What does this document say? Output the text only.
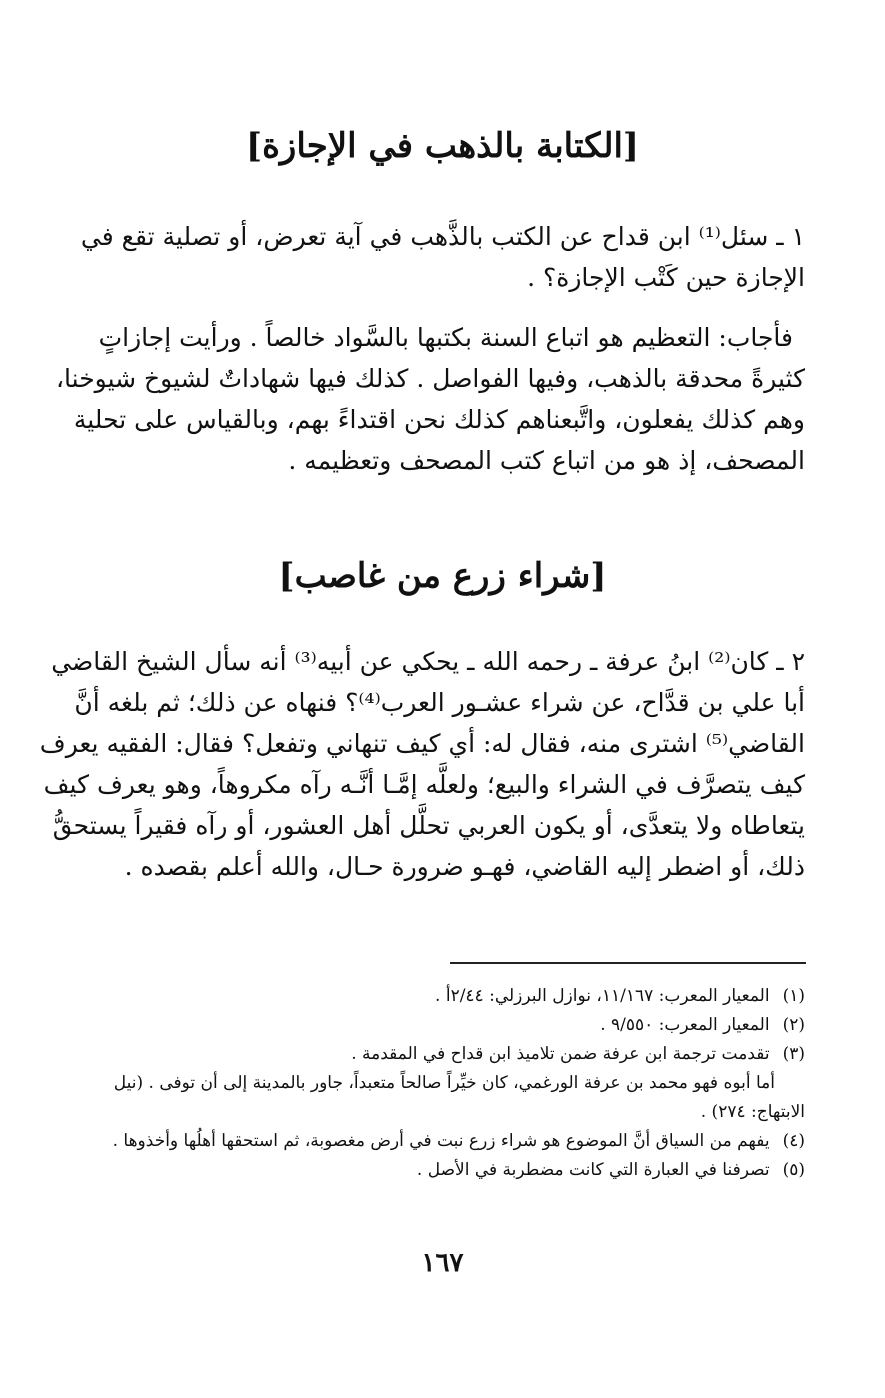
[الكتابة بالذهب في الإجازة]
١ ـ سئل⁽¹⁾ ابن قداح عن الكتب بالذَّهب في آية تعرض، أو تصلية تقع في
الإجازة حين كَتْب الإجازة؟ .
فأجاب: التعظيم هو اتباع السنة بكتبها بالسَّواد خالصاً . ورأيت إجازاتٍ
كثيرةً محدقة بالذهب، وفيها الفواصل . كذلك فيها شهاداتٌ لشيوخ شيوخنا،
وهم كذلك يفعلون، واتَّبعناهم كذلك نحن اقتداءً بهم، وبالقياس على تحلية
المصحف، إذ هو من اتباع كتب المصحف وتعظيمه .
[شراء زرع من غاصب]
٢ ـ كان⁽²⁾ ابنُ عرفة ـ رحمه الله ـ يحكي عن أبيه⁽³⁾ أنه سأل الشيخ القاضي
أبا علي بن قدَّاح، عن شراء عشـور العرب⁽⁴⁾؟ فنهاه عن ذلك؛ ثم بلغه أنَّ
القاضي⁽⁵⁾ اشترى منه، فقال له: أي كيف تنهاني وتفعل؟ فقال: الفقيه يعرف
كيف يتصرَّف في الشراء والبيع؛ ولعلَّه إمَّـا أنَّـه رآه مكروهاً، وهو يعرف كيف
يتعاطاه ولا يتعدَّى، أو يكون العربي تحلَّل أهل العشور، أو رآه فقيراً يستحقُّ
ذلك، أو اضطر إليه القاضي، فهـو ضرورة حـال، والله أعلم بقصده .
(١) المعيار المعرب: ١١/١٦٧، نوازل البرزلي: ٢/٤٤أ .
(٢) المعيار المعرب: ٩/٥٥٠ .
(٣) تقدمت ترجمة ابن عرفة ضمن تلاميذ ابن قداح في المقدمة .
أما أبوه فهو محمد بن عرفة الورغمي، كان خيِّراً صالحاً متعبداً، جاور بالمدينة إلى أن توفى . (نيل
الابتهاج: ٢٧٤) .
(٤) يفهم من السياق أنَّ الموضوع هو شراء زرع نبت في أرض مغصوبة، ثم استحقها أهلُها وأخذوها .
(٥) تصرفنا في العبارة التي كانت مضطربة في الأصل .
١٦٧
